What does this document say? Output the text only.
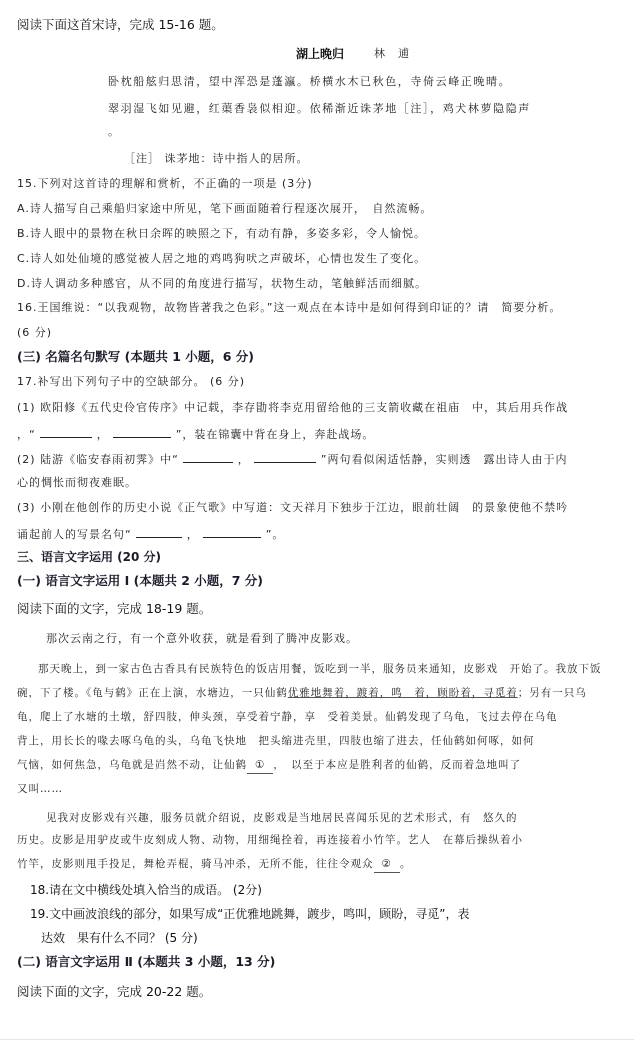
阅读下面这首宋诗，完成 15-16 题。
湖上晚归	林　逋
卧枕船舷归思清，望中浑恐是蓬瀛。桥横水木已秋色，寺倚云峰正晚晴。
翠羽湿飞如见避，红蕖香袅似相迎。依稀渐近诛茅地［注］，鸡犬林萝隐隐声
。
［注］ 诛茅地：诗中指人的居所。
15.下列对这首诗的理解和赏析，不正确的一项是 (3分)
A.诗人描写自己乘船归家途中所见，笔下画面随着行程逐次展开，　自然流畅。
B.诗人眼中的景物在秋日余晖的映照之下，有动有静，多姿多彩，令人愉悦。
C.诗人如处仙境的感觉被人居之地的鸡鸣狗吠之声破坏，心情也发生了变化。
D.诗人调动多种感官，从不同的角度进行描写，状物生动，笔触鲜活而细腻。
16.王国维说：“以我观物，故物皆著我之色彩。”这一观点在本诗中是如何得到印证的？请　简要分析。
(6 分)
(三) 名篇名句默写 (本题共 1 小题，6 分)
17.补写出下列句子中的空缺部分。 (6 分)
(1) 欧阳修《五代史伶官传序》中记载，李存勖将李克用留给他的三支箭收藏在祖庙　中，其后用兵作战
，“	，	”，装在锦囊中背在身上，奔赴战场。
(2) 陆游《临安春雨初霁》中“	，	”两句看似闲适恬静，实则透　露出诗人由于内
心的惆怅而彻夜难眠。
(3) 小刚在他创作的历史小说《正气歌》中写道：文天祥月下独步于江边，眼前壮阔　的景象使他不禁吟
诵起前人的写景名句“	，	”。
三、语言文字运用 (20 分)
(一) 语言文字运用 Ⅰ (本题共 2 小题，7 分)
阅读下面的文字，完成 18-19 题。
那次云南之行，有一个意外收获，就是看到了腾冲皮影戏。
那天晚上，到一家古色古香具有民族特色的饭店用餐，饭吃到一半，服务员来通知，皮影戏　开始了。我放下饭
碗，下了楼。《龟与鹤》正在上演，水塘边，一只仙鹤优雅地舞着，踱着，鸣　着，顾盼着，寻觅着；另有一只乌
龟，爬上了水塘的土墩，舒四肢，伸头颈，享受着宁静，享　受着美景。仙鹤发现了乌龟，飞过去停在乌龟
背上，用长长的喙去啄乌龟的头，乌龟飞快地　把头缩进壳里，四肢也缩了进去，任仙鹤如何啄，如何
气恼，如何焦急，乌龟就是岿然不动，让仙鹤 ① ，　以至于本应是胜利者的仙鹤，反而着急地叫了
又叫……
见我对皮影戏有兴趣，服务员就介绍说，皮影戏是当地居民喜闻乐见的艺术形式，有　悠久的
历史。皮影是用驴皮或牛皮刻成人物、动物，用细绳拴着，再连接着小竹竿。艺人　在幕后操纵着小
竹竿，皮影则甩手投足，舞枪弄棍，骑马冲杀，无所不能，往往令观众 ② 。
18.请在文中横线处填入恰当的成语。 (2分)
19.文中画波浪线的部分，如果写成“正优雅地跳舞，踱步，鸣叫，顾盼，寻觅”，表
达效　果有什么不同？ (5 分)
(二) 语言文字运用 Ⅱ (本题共 3 小题，13 分)
阅读下面的文字，完成 20-22 题。
